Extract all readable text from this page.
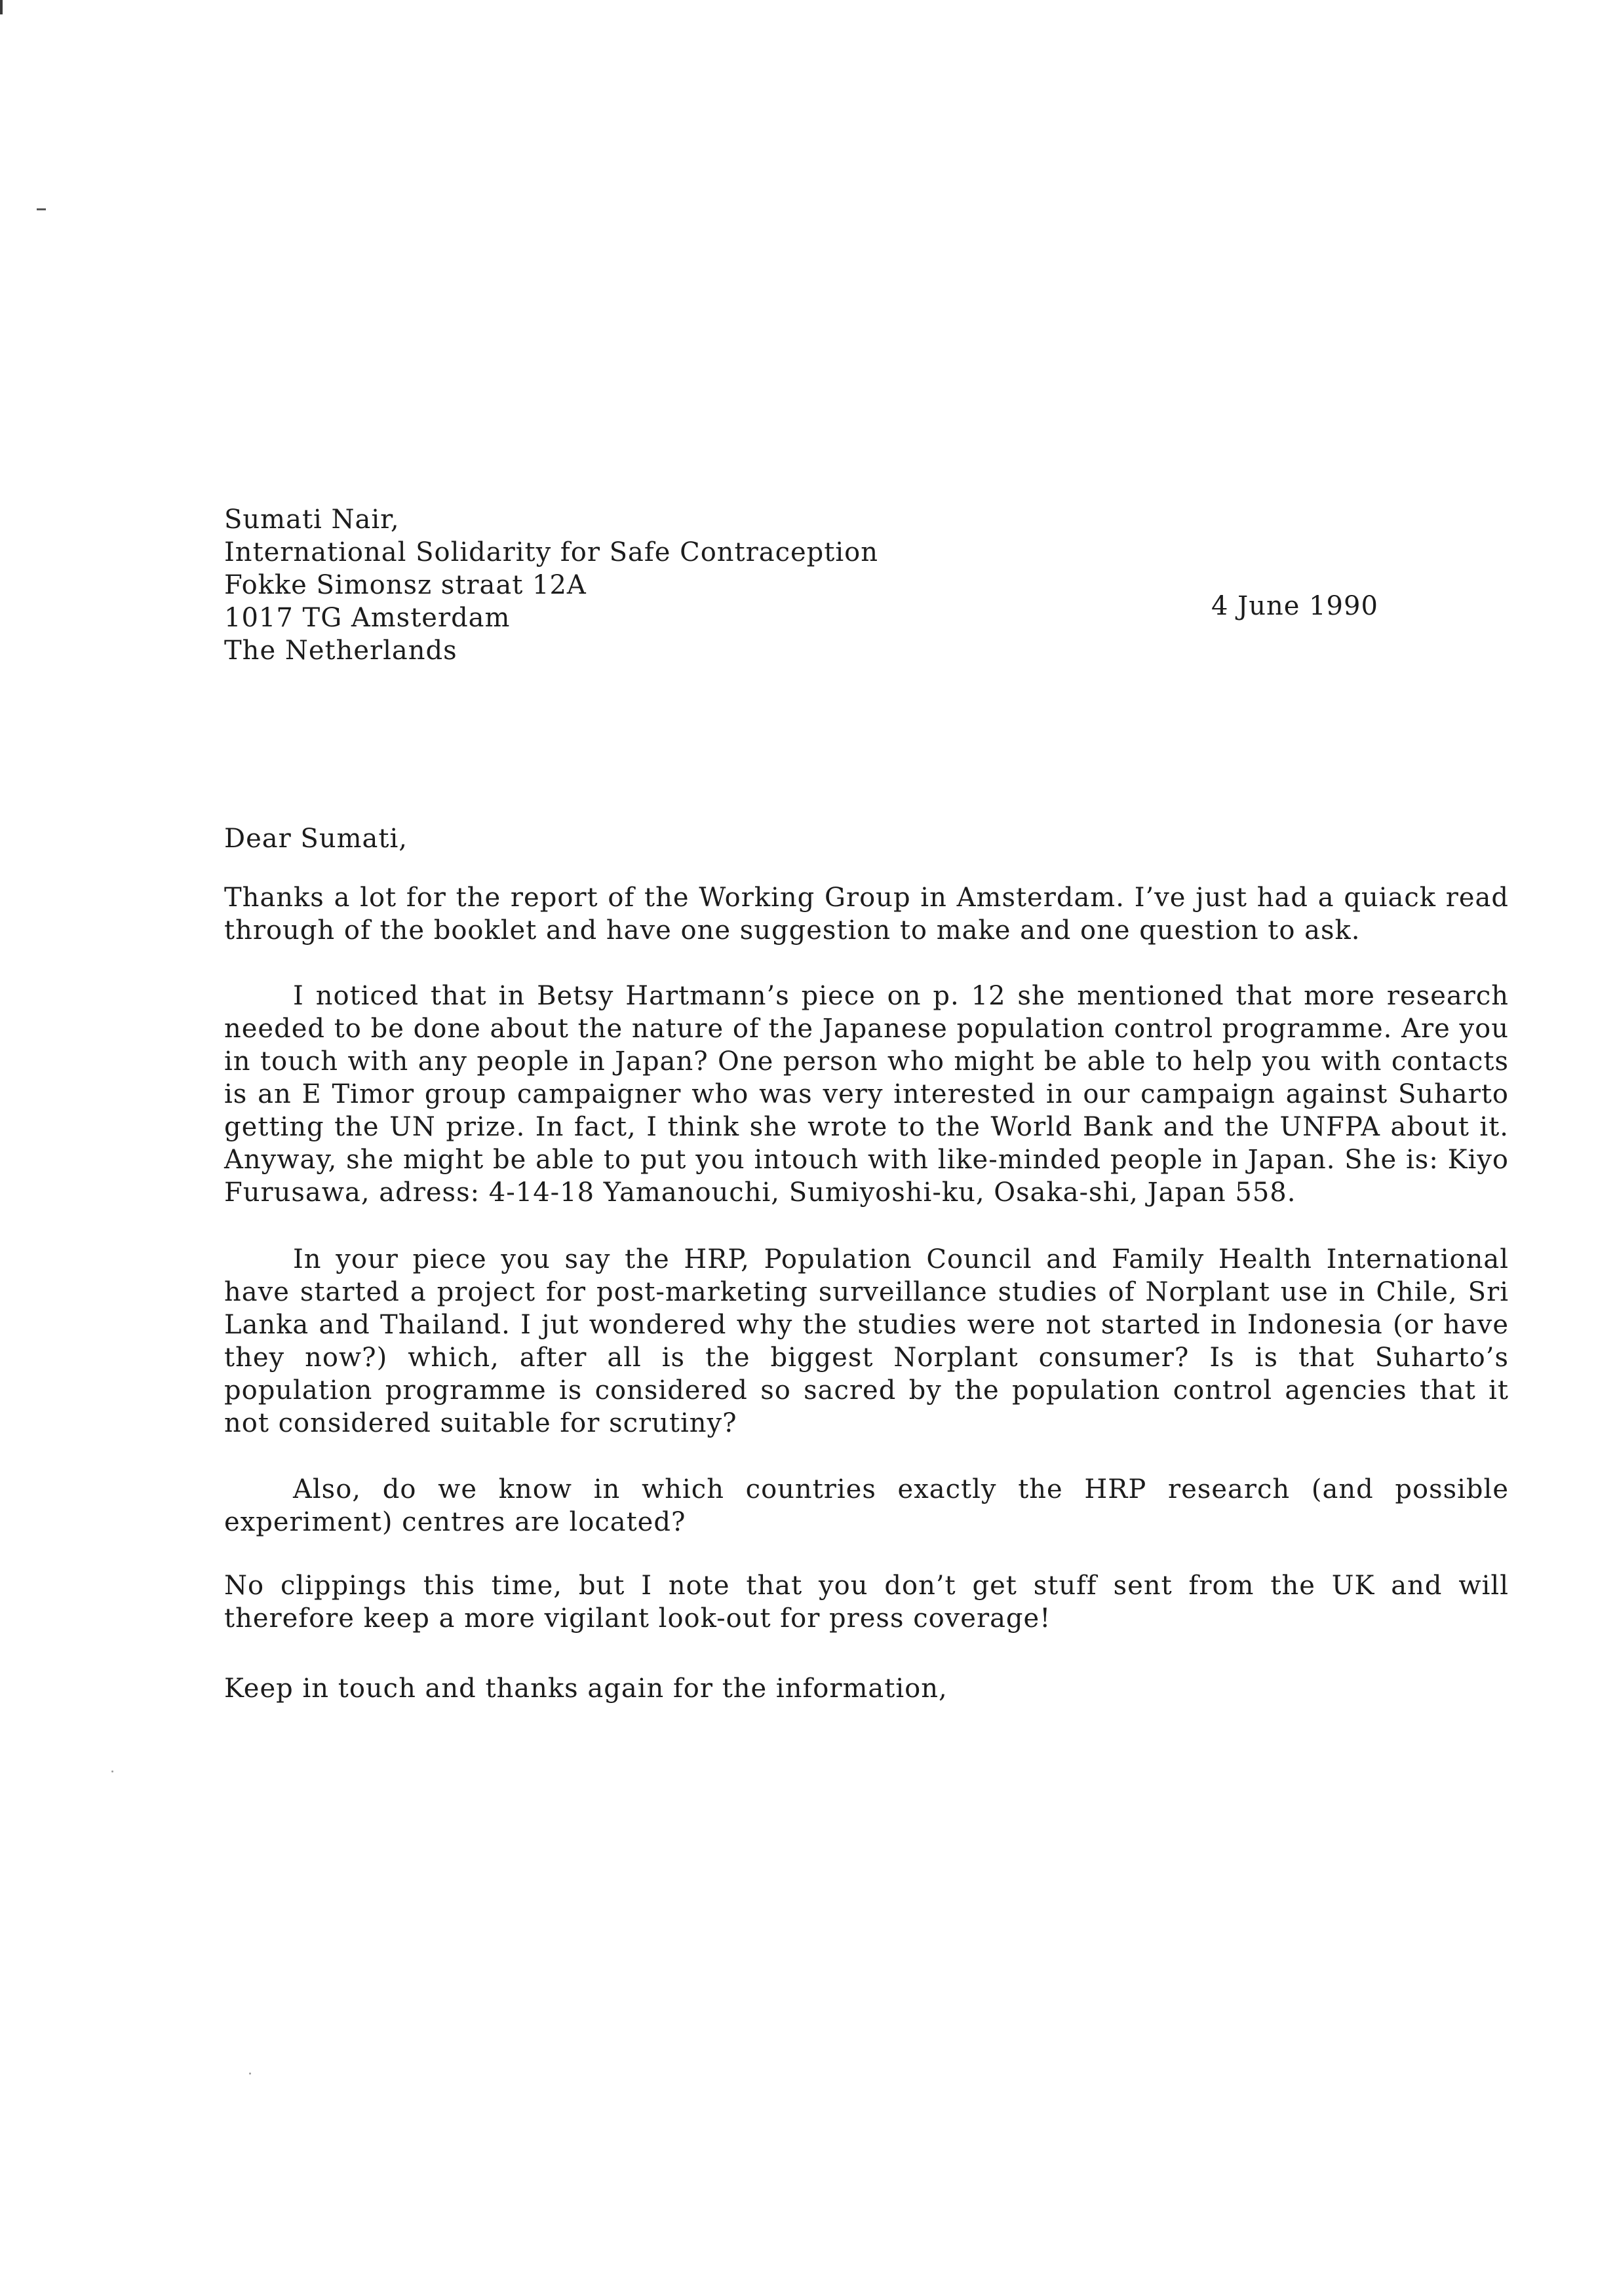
Sumati Nair,
International Solidarity for Safe Contraception
Fokke Simonsz straat 12A
1017 TG Amsterdam
The Netherlands
4 June 1990
Dear Sumati,

Thanks a lot for the report of the Working Group in Amsterdam. I’ve just had a quiack read through of the booklet and have one suggestion to make and one question to ask.

I noticed that in Betsy Hartmann’s piece on p. 12 she mentioned that more research needed to be done about the nature of the Japanese population control programme. Are you in touch with any people in Japan? One person who might be able to help you with contacts is an E Timor group campaigner who was very interested in our campaign against Suharto getting the UN prize. In fact, I think she wrote to the World Bank and the UNFPA about it. Anyway, she might be able to put you intouch with like-minded people in Japan. She is: Kiyo Furusawa, adress: 4-14-18 Yamanouchi, Sumiyoshi-ku, Osaka-shi, Japan 558.

In your piece you say the HRP, Population Council and Family Health International have started a project for post-marketing surveillance studies of Norplant use in Chile, Sri Lanka and Thailand. I jut wondered why the studies were not started in Indonesia (or have they now?) which, after all is the biggest Norplant consumer? Is is that Suharto’s population programme is considered so sacred by the population control agencies that it not considered suitable for scrutiny?

Also, do we know in which countries exactly the HRP research (and possible experiment) centres are located?

No clippings this time, but I note that you don’t get stuff sent from the UK and will therefore keep a more vigilant look-out for press coverage!

Keep in touch and thanks again for the information,
